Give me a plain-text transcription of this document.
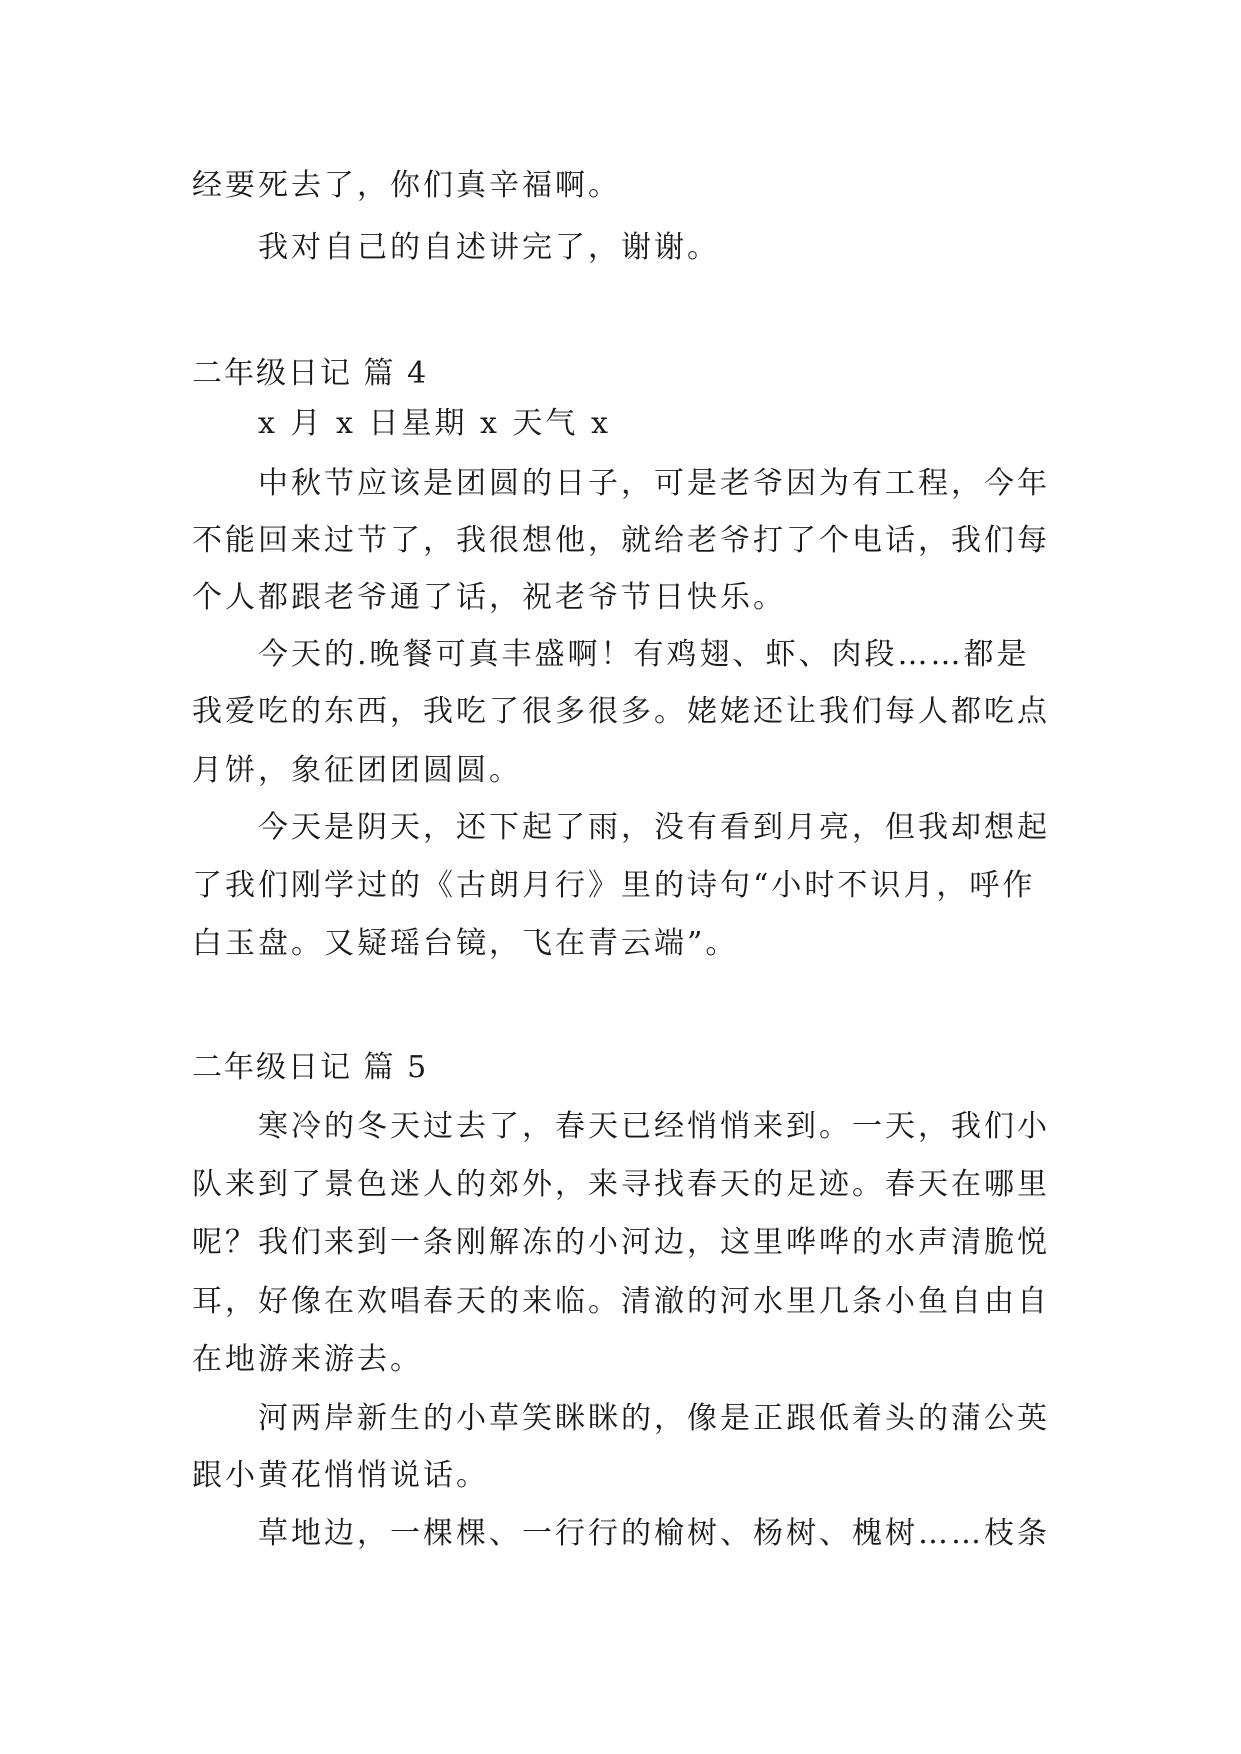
经要死去了，你们真辛福啊。
我对自己的自述讲完了，谢谢。
二年级日记 篇 4
x 月 x 日星期 x 天气 x
中秋节应该是团圆的日子，可是老爷因为有工程，今年
不能回来过节了，我很想他，就给老爷打了个电话，我们每
个人都跟老爷通了话，祝老爷节日快乐。
今天的.晚餐可真丰盛啊！有鸡翅、虾、肉段……都是
我爱吃的东西，我吃了很多很多。姥姥还让我们每人都吃点
月饼，象征团团圆圆。
今天是阴天，还下起了雨，没有看到月亮，但我却想起
了我们刚学过的《古朗月行》里的诗句“小时不识月，呼作
白玉盘。又疑瑶台镜，飞在青云端”。
二年级日记 篇 5
寒冷的冬天过去了，春天已经悄悄来到。一天，我们小
队来到了景色迷人的郊外，来寻找春天的足迹。春天在哪里
呢？我们来到一条刚解冻的小河边，这里哗哗的水声清脆悦
耳，好像在欢唱春天的来临。清澈的河水里几条小鱼自由自
在地游来游去。
河两岸新生的小草笑眯眯的，像是正跟低着头的蒲公英
跟小黄花悄悄说话。
草地边，一棵棵、一行行的榆树、杨树、槐树……枝条
